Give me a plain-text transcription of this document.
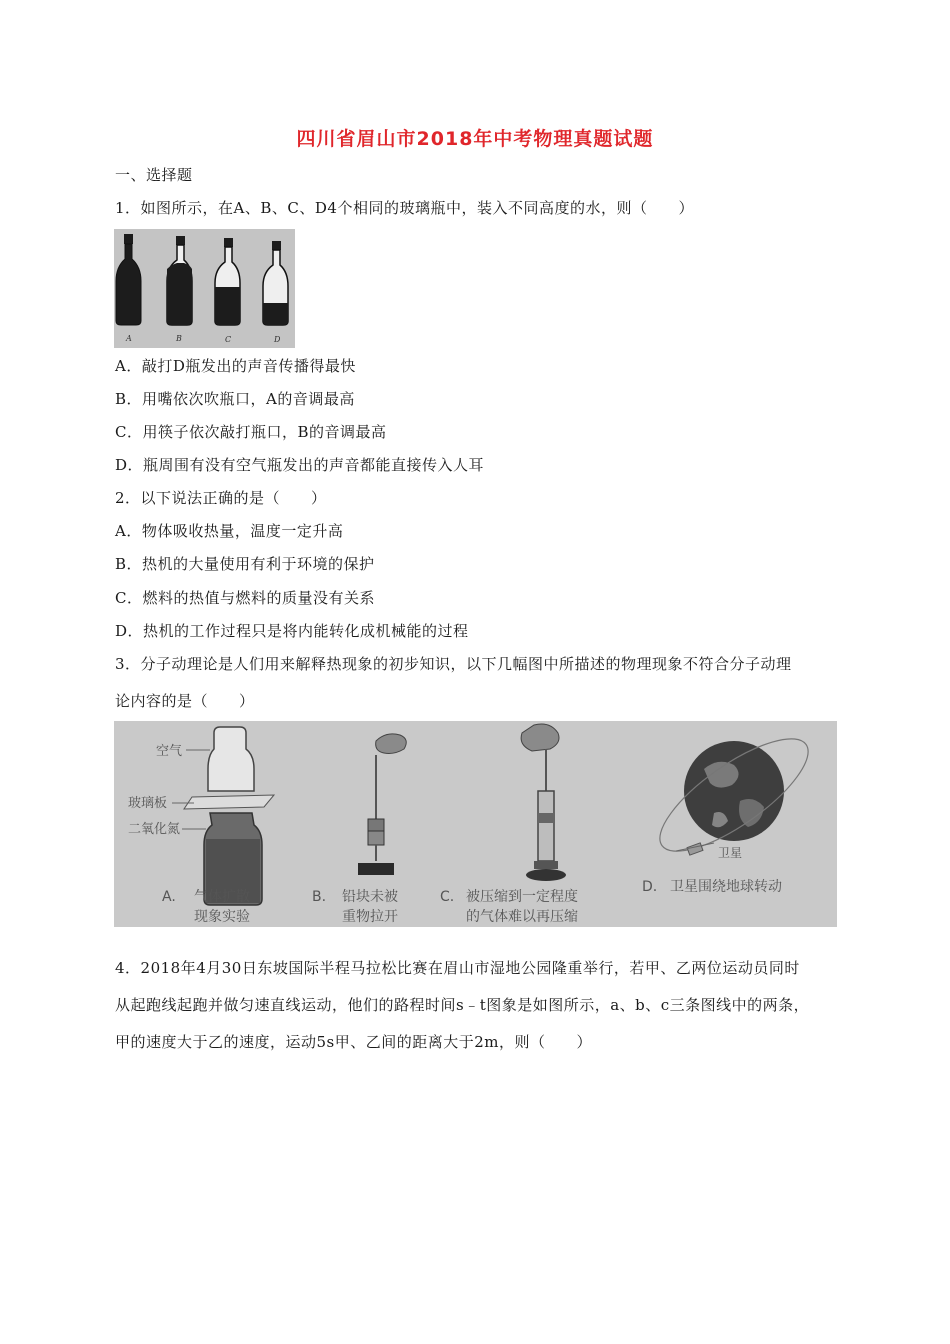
四川省眉山市2018年中考物理真题试题
一、选择题
1．如图所示，在A、B、C、D4个相同的玻璃瓶中，装入不同高度的水，则（　　）
A	B	C	D
A．敲打D瓶发出的声音传播得最快
B．用嘴依次吹瓶口，A的音调最高
C．用筷子依次敲打瓶口，B的音调最高
D．瓶周围有没有空气瓶发出的声音都能直接传入人耳
2．以下说法正确的是（　　）
A．物体吸收热量，温度一定升高
B．热机的大量使用有利于环境的保护
C．燃料的热值与燃料的质量没有关系
D．热机的工作过程只是将内能转化成机械能的过程
3．分子动理论是人们用来解释热现象的初步知识，以下几幅图中所描述的物理现象不符合分子动理
论内容的是（　　）
空气
玻璃板
二氧化氮
A. 气体扩散
现象实验
B. 铅块未被
重物拉开
C. 被压缩到一定程度
的气体难以再压缩
卫星
D. 卫星围绕地球转动
4．2018年4月30日东坡国际半程马拉松比赛在眉山市湿地公园隆重举行，若甲、乙两位运动员同时
从起跑线起跑并做匀速直线运动，他们的路程时间s﹣t图象是如图所示，a、b、c三条图线中的两条，
甲的速度大于乙的速度，运动5s甲、乙间的距离大于2m，则（　　）
